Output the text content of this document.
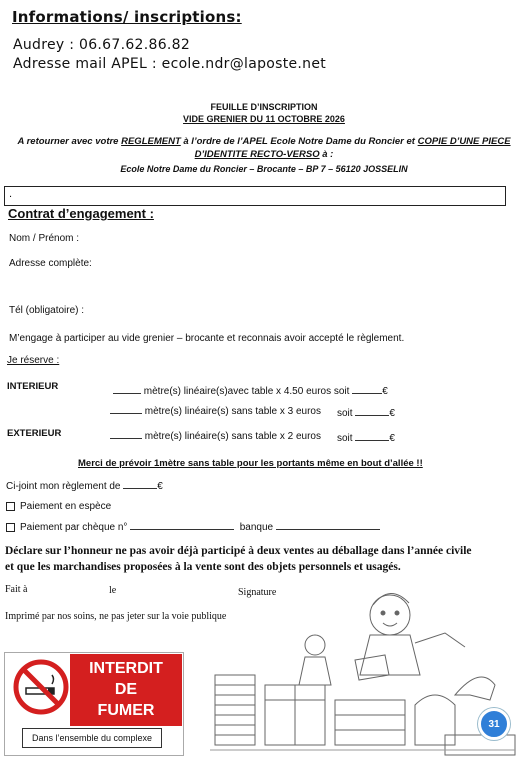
Informations/ inscriptions:
Audrey : 06.67.62.86.82
Adresse mail APEL : ecole.ndr@laposte.net
FEUILLE D’INSCRIPTION
VIDE GRENIER DU 11 OCTOBRE 2026
A retourner avec votre REGLEMENT à l’ordre de l’APEL Ecole Notre Dame du Roncier et COPIE D’UNE PIECE
D’IDENTITE RECTO-VERSO à :
Ecole Notre Dame du Roncier – Brocante – BP 7 – 56120 JOSSELIN
.
Contrat d’engagement :
Nom / Prénom :
Adresse complète:
Tél (obligatoire) :
M’engage à participer au vide grenier – brocante et reconnais avoir accepté le règlement.
Je réserve :
INTERIEUR	mètre(s) linéaire(s)avec table x 4.50 euros soit	€
mètre(s) linéaire(s) sans table x 3 euros soit	€
EXTERIEUR	mètre(s) linéaire(s) sans table x 2 euros soit	€
Merci de prévoir 1mètre sans table pour les portants même en bout d’allée !!
Ci-joint mon règlement de	€
Paiement en espèce
Paiement par chèque n°	banque
Déclare sur l’honneur ne pas avoir déjà participé à deux ventes au déballage dans l’année civile
et que les marchandises proposées à la vente sont des objets personnels et usagés.
Fait à	le	Signature
Imprimé par nos soins, ne pas jeter sur la voie publique
31
INTERDIT
DE
FUMER
Dans l’ensemble du complexe
